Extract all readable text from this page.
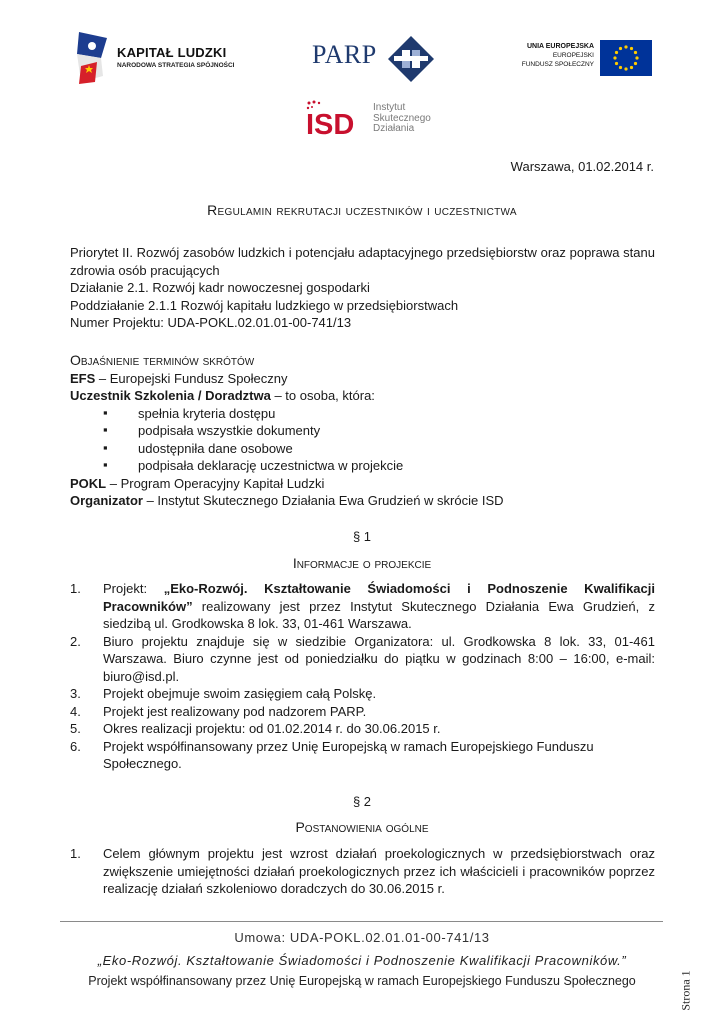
KAPITAŁ LUDZKI
NARODOWA STRATEGIA SPÓJNOŚCI	PARP	UNIA EUROPEJSKA
EUROPEJSKI
FUNDUSZ SPOŁECZNY
ISD
Instytut
Skutecznego
Działania
Warszawa, 01.02.2014 r.
Regulamin rekrutacji uczestników i uczestnictwa

Priorytet II. Rozwój zasobów ludzkich i potencjału adaptacyjnego przedsiębiorstw oraz poprawa stanu zdrowia osób pracujących

Działanie 2.1. Rozwój kadr nowoczesnej gospodarki

Poddziałanie 2.1.1 Rozwój kapitału ludzkiego w przedsiębiorstwach

Numer Projektu: UDA-POKL.02.01.01-00-741/13

Objaśnienie terminów skrótów

EFS – Europejski Fundusz Społeczny

Uczestnik Szkolenia / Doradztwa – to osoba, która:

▪ spełnia kryteria dostępu
▪ podpisała wszystkie dokumenty
▪ udostępniła dane osobowe
▪ podpisała deklarację uczestnictwa w projekcie

POKL – Program Operacyjny Kapitał Ludzki

Organizator – Instytut Skutecznego Działania Ewa Grudzień w skrócie ISD

§ 1
Informacje o projekcie
1. Projekt: „Eko-Rozwój. Kształtowanie Świadomości i Podnoszenie Kwalifikacji Pracowników” realizowany jest przez Instytut Skutecznego Działania Ewa Grudzień, z siedzibą ul. Grodkowska 8 lok. 33, 01-461 Warszawa.
2. Biuro projektu znajduje się w siedzibie Organizatora: ul. Grodkowska 8 lok. 33, 01-461 Warszawa. Biuro czynne jest od poniedziałku do piątku w godzinach 8:00 – 16:00, e-mail: biuro@isd.pl.
3. Projekt obejmuje swoim zasięgiem całą Polskę.
4. Projekt jest realizowany pod nadzorem PARP.
5. Okres realizacji projektu: od 01.02.2014 r. do 30.06.2015 r.
6. Projekt współfinansowany przez Unię Europejską w ramach Europejskiego Funduszu Społecznego.
§ 2
Postanowienia ogólne
1. Celem głównym projektu jest wzrost działań proekologicznych w przedsiębiorstwach oraz zwiększenie umiejętności działań proekologicznych przez ich właścicieli i pracowników poprzez realizację działań szkoleniowo doradczych do 30.06.2015 r.
Umowa: UDA-POKL.02.01.01-00-741/13
„Eko-Rozwój. Kształtowanie Świadomości i Podnoszenie Kwalifikacji Pracowników.”
Projekt współfinansowany przez Unię Europejską w ramach Europejskiego Funduszu Społecznego	Strona 1
